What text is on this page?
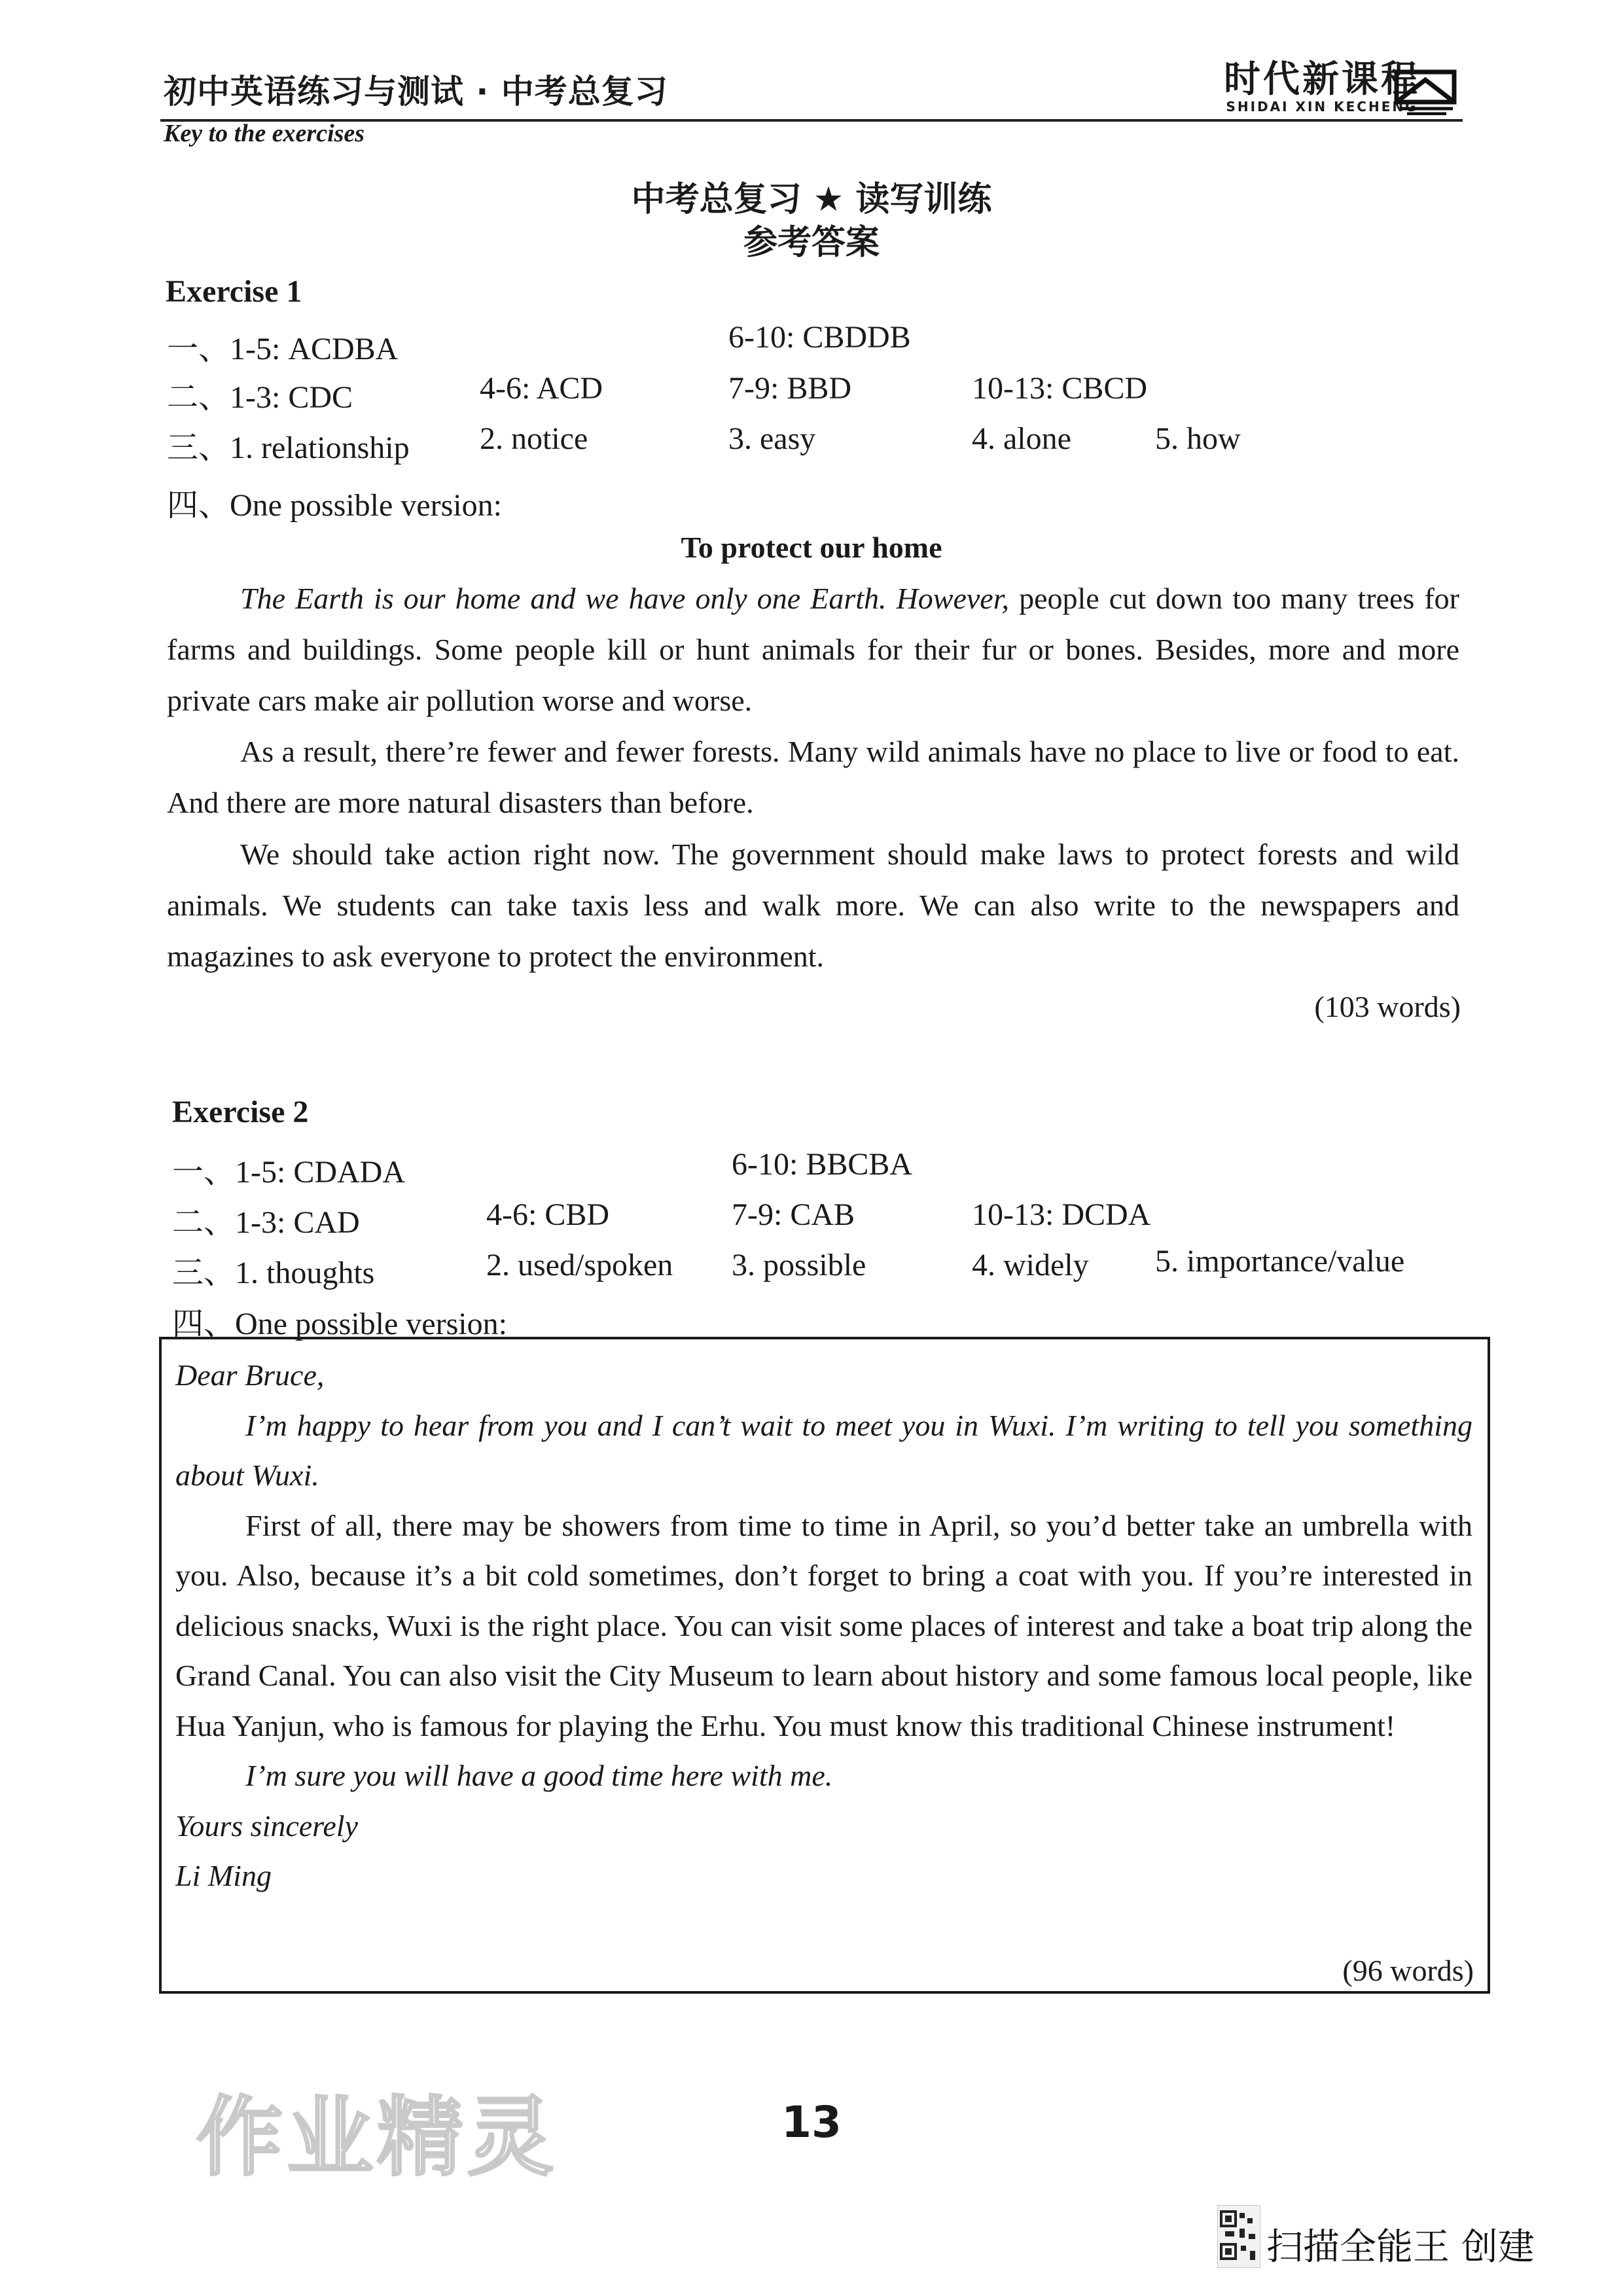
初中英语练习与测试 · 中考总复习	时代新课程
SHIDAI XIN KECHENG
Key to the exercises
中考总复习 ★ 读写训练
参考答案
Exercise 1
一、1-5: ACDBA	6-10: CBDDB
二、1-3: CDC	4-6: ACD	7-9: BBD	10-13: CBCD
三、1. relationship 2. notice	3. easy	4. alone	5. how
四、One possible version:
To protect our home
The Earth is our home and we have only one Earth. However, people cut down too many trees for farms and buildings. Some people kill or hunt animals for their fur or bones. Besides, more and more private cars make air pollution worse and worse.
As a result, there’re fewer and fewer forests. Many wild animals have no place to live or food to eat. And there are more natural disasters than before.
We should take action right now. The government should make laws to protect forests and wild animals. We students can take taxis less and walk more. We can also write to the newspapers and magazines to ask everyone to protect the environment.
(103 words)
Exercise 2
一、1-5: CDADA	6-10: BBCBA
二、1-3: CAD	4-6: CBD	7-9: CAB	10-13: DCDA
三、1. thoughts	2. used/spoken 3. possible	4. widely 5. importance/value
四、One possible version:
Dear Bruce,
I’m happy to hear from you and I can’t wait to meet you in Wuxi. I’m writing to tell you something about Wuxi.
First of all, there may be showers from time to time in April, so you’d better take an umbrella with you. Also, because it’s a bit cold sometimes, don’t forget to bring a coat with you. If you’re interested in delicious snacks, Wuxi is the right place. You can visit some places of interest and take a boat trip along the Grand Canal. You can also visit the City Museum to learn about history and some famous local people, like Hua Yanjun, who is famous for playing the Erhu. You must know this traditional Chinese instrument!
I’m sure you will have a good time here with me.
Yours sincerely
Li Ming
(96 words)
作业精灵	13
扫描全能王 创建
